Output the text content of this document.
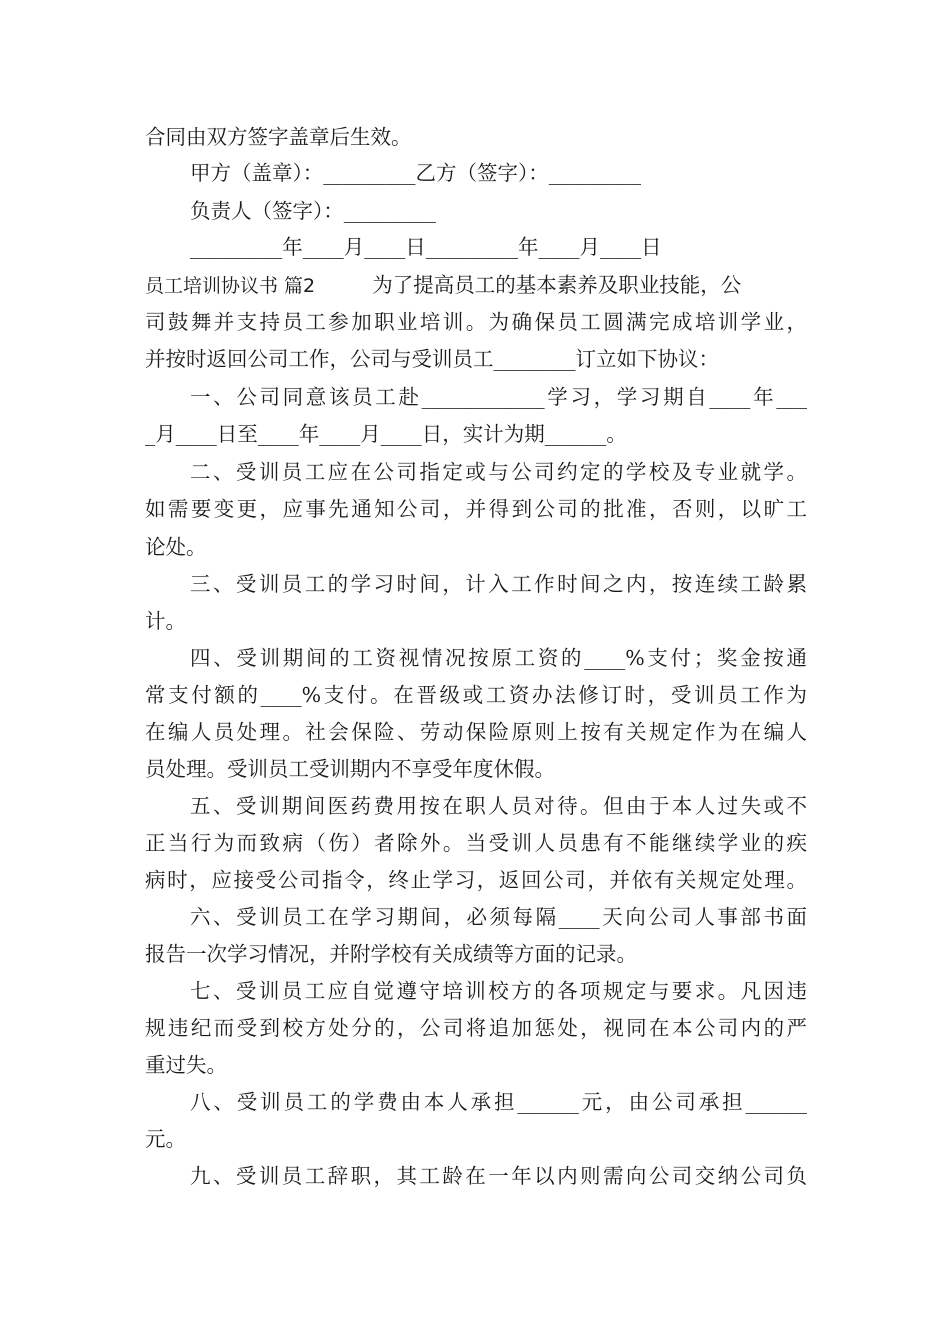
合同由双方签字盖章后生效。
甲方（盖章）：_________乙方（签字）：_________
负责人（签字）：_________
_________年____月____日_________年____月____日
员工培训协议书 篇2	为了提高员工的基本素养及职业技能，公
司鼓舞并支持员工参加职业培训。为确保员工圆满完成培训学业，
并按时返回公司工作，公司与受训员工________订立如下协议：
一、公司同意该员工赴____________学习，学习期自____年___
_月____日至____年____月____日，实计为期______。
二、受训员工应在公司指定或与公司约定的学校及专业就学。
如需要变更，应事先通知公司，并得到公司的批准，否则，以旷工
论处。
三、受训员工的学习时间，计入工作时间之内，按连续工龄累
计。
四、受训期间的工资视情况按原工资的____%支付；奖金按通
常支付额的____%支付。在晋级或工资办法修订时，受训员工作为
在编人员处理。社会保险、劳动保险原则上按有关规定作为在编人
员处理。受训员工受训期内不享受年度休假。
五、受训期间医药费用按在职人员对待。但由于本人过失或不
正当行为而致病（伤）者除外。当受训人员患有不能继续学业的疾
病时，应接受公司指令，终止学习，返回公司，并依有关规定处理。
六、受训员工在学习期间，必须每隔____天向公司人事部书面
报告一次学习情况，并附学校有关成绩等方面的记录。
七、受训员工应自觉遵守培训校方的各项规定与要求。凡因违
规违纪而受到校方处分的，公司将追加惩处，视同在本公司内的严
重过失。
八、受训员工的学费由本人承担______元，由公司承担______
元。
九、受训员工辞职，其工龄在一年以内则需向公司交纳公司负
